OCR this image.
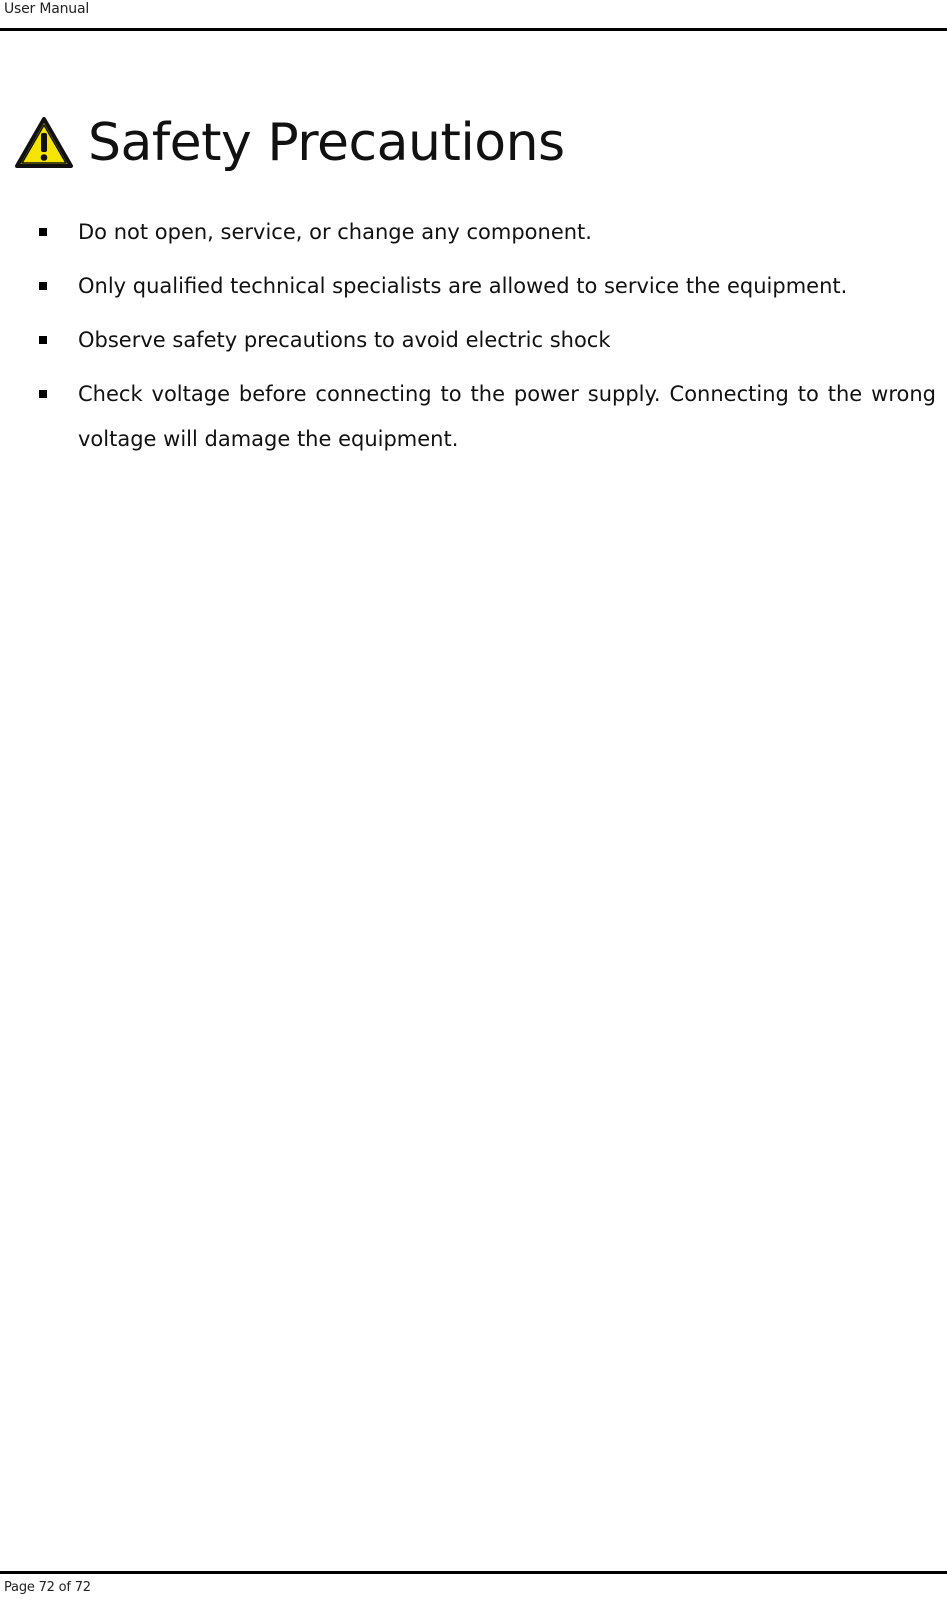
User Manual
Safety Precautions
Do not open, service, or change any component.
Only qualified technical specialists are allowed to service the equipment.
Observe safety precautions to avoid electric shock
Check voltage before connecting to the power supply. Connecting to the wrong voltage will damage the equipment.
Page 72 of 72
